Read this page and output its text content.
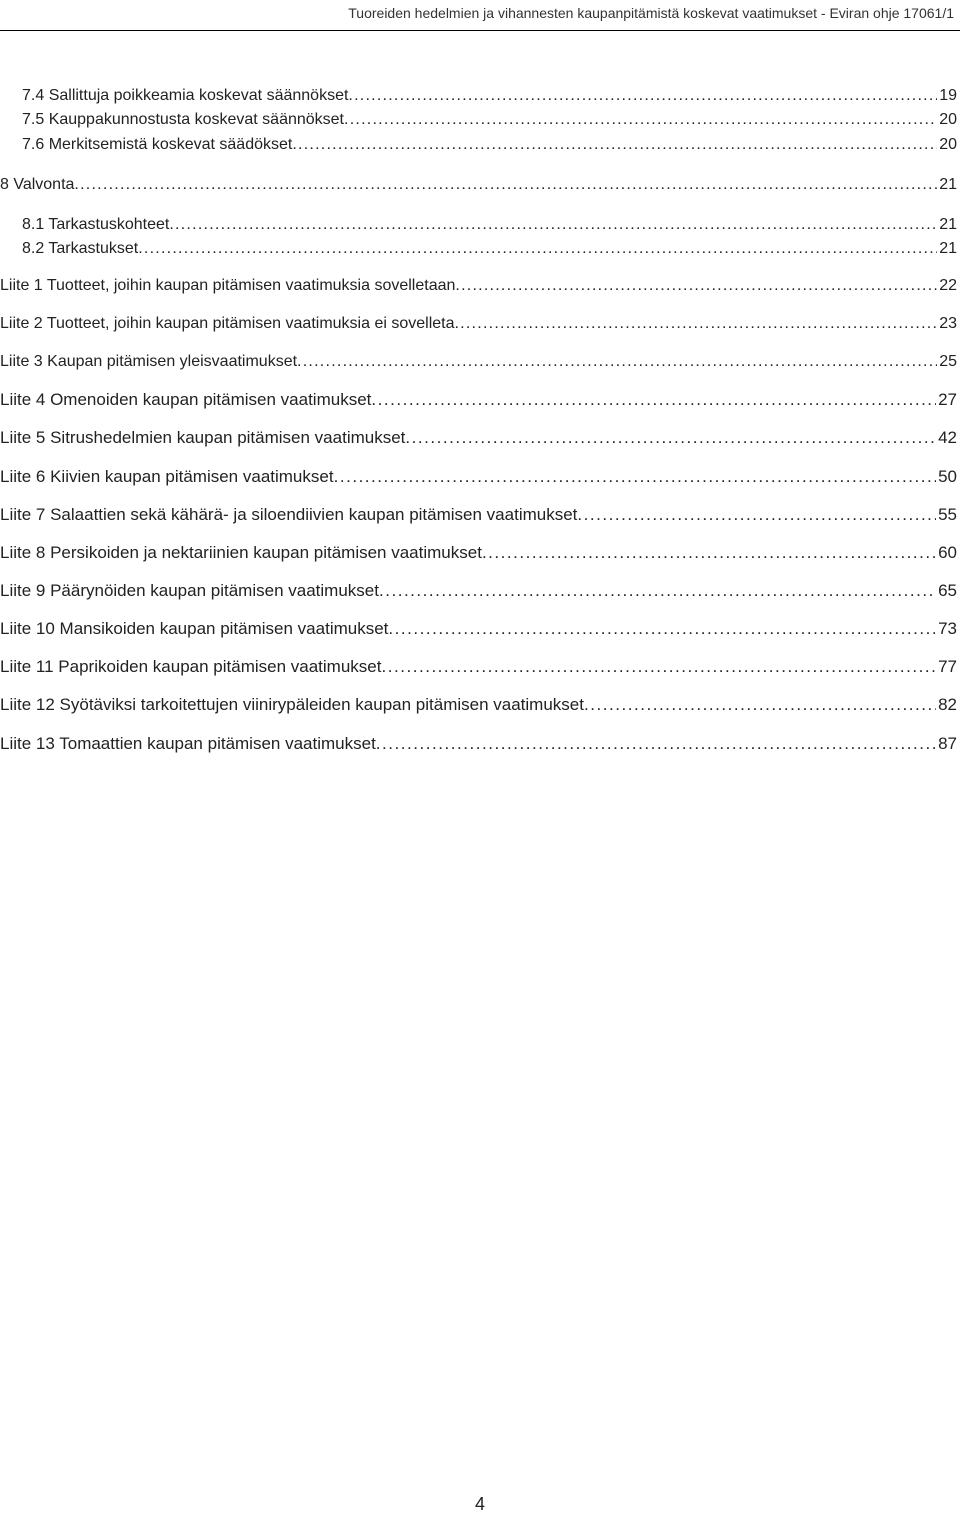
Tuoreiden hedelmien ja vihannesten kaupanpitämistä koskevat vaatimukset - Eviran ohje 17061/1
7.4 Sallittuja poikkeamia koskevat säännökset . . .	19
7.5 Kauppakunnostusta koskevat säännökset . . .	20
7.6 Merkitsemistä koskevat säädökset . . .	20
8 Valvonta . . .	21
8.1 Tarkastuskohteet . . .	21
8.2 Tarkastukset . . .	21
Liite 1 Tuotteet, joihin kaupan pitämisen vaatimuksia sovelletaan . . .	22
Liite 2 Tuotteet, joihin kaupan pitämisen vaatimuksia ei sovelleta . . .	23
Liite 3 Kaupan pitämisen yleisvaatimukset . . .	25
Liite 4 Omenoiden kaupan pitämisen vaatimukset . . .	27
Liite 5 Sitrushedelmien kaupan pitämisen vaatimukset . . .	42
Liite 6 Kiivien kaupan pitämisen vaatimukset . . .	50
Liite 7 Salaattien sekä kähärä- ja siloendiivien kaupan pitämisen vaatimukset . . .	55
Liite 8 Persikoiden ja nektariinien kaupan pitämisen vaatimukset . . .	60
Liite 9 Päärynöiden kaupan pitämisen vaatimukset . . .	65
Liite 10 Mansikoiden kaupan pitämisen vaatimukset . . .	73
Liite 11 Paprikoiden kaupan pitämisen vaatimukset . . .	77
Liite 12 Syötäviksi tarkoitettujen viinirypäleiden kaupan pitämisen vaatimukset . . .	82
Liite 13 Tomaattien kaupan pitämisen vaatimukset . . .	87
4
